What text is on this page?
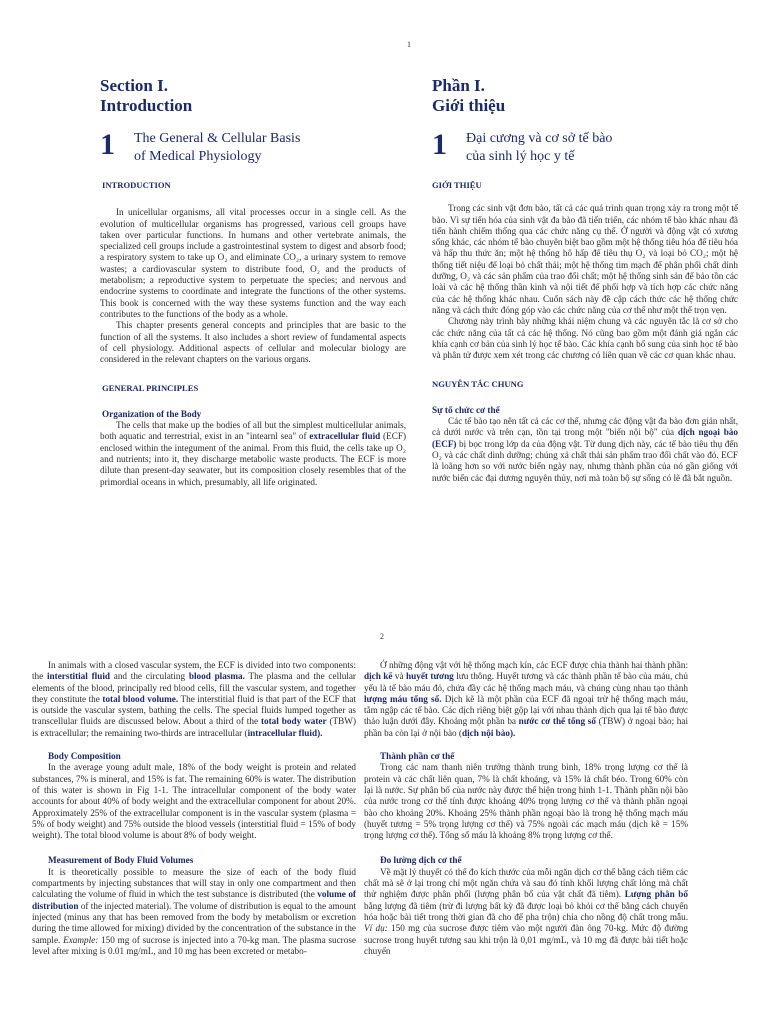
1
Section I.
Introduction
1	The General & Cellular Basis
of Medical Physiology
INTRODUCTION

In unicellular organisms, all vital processes occur in a single cell. As the evolution of multicellular organisms has progressed, various cell groups have taken over particular functions. In humans and other vertebrate animals, the specialized cell groups include a gastrointestinal system to digest and absorb food; a respiratory system to take up O₂ and eliminate CO₂, a urinary system to remove wastes; a cardiovascular system to distribute food, O₂ and the products of metabolism; a reproductive system to perpetuate the species; and nervous and endocrine systems to coordinate and integrate the functions of the other systems. This book is concerned with the way these systems function and the way each contributes to the functions of the body as a whole.

This chapter presents general concepts and principles that are basic to the function of all the systems. It also includes a short review of fundamental aspects of cell physiology. Additional aspects of cellular and molecular biology are considered in the relevant chapters on the various organs.

GENERAL PRINCIPLES
Organization of the Body

The cells that make up the bodies of all but the simplest multicellular animals, both aquatic and terrestrial, exist in an "intearnl sea" of extracellular fluid (ECF) enclosed within the integument of the animal. From this fluid, the cells take up O₂ and nutrients; into it, they discharge metabolic waste products. The ECF is more dilute than present-day seawater, but its composition closely resembles that of the primordial oceans in which, presumably, all life originated.

Phần I.
Giới thiệu
1	Đại cương và cơ sở tế bào
của sinh lý học y tế
GIỚI THIỆU

Trong các sinh vật đơn bào, tất cả các quá trình quan trọng xảy ra trong một tế bào. Vì sự tiến hóa của sinh vật đa bào đã tiến triển, các nhóm tế bào khác nhau đã tiến hành chiếm thống qua các chức năng cụ thể. Ở người và động vật có xương sống khác, các nhóm tế bào chuyên biệt bao gồm một hệ thống tiêu hóa để tiêu hóa và hấp thu thức ăn; một hệ thống hô hấp để tiêu thụ O₂ và loại bỏ CO₂; một hệ thống tiết niệu để loại bỏ chất thải; một hệ thống tim mạch để phân phối chất dinh dưỡng, O₂ và các sản phẩm của trao đổi chất; một hệ thống sinh sản để bảo tồn các loài và các hệ thống thần kinh và nội tiết để phối hợp và tích hợp các chức năng của các hệ thống khác nhau. Cuốn sách này đề cập cách thức các hệ thống chức năng và cách thức đóng góp vào các chức năng của cơ thể như một thể trọn vẹn.

Chương này trình bày những khái niệm chung và các nguyên tắc là cơ sở cho các chức năng của tất cả các hệ thống. Nó cũng bao gồm một đánh giá ngắn các khía cạnh cơ bản của sinh lý học tế bào. Các khía cạnh bổ sung của sinh học tế bào và phân tử được xem xét trong các chương có liên quan về các cơ quan khác nhau.

NGUYÊN TẮC CHUNG
Sự tổ chức cơ thể

Các tế bào tạo nên tất cả các cơ thể, nhưng các động vật đa bào đơn giản nhất, cả dưới nước và trên cạn, tồn tại trong một "biển nội bộ" của dịch ngoại bào (ECF) bị bọc trong lớp da của động vật. Từ dung dịch này, các tế bào tiêu thụ đến O₂ và các chất dinh dưỡng; chúng xả chất thải sản phẩm trao đổi chất vào đó. ECF là loãng hơn so với nước biển ngày nay, nhưng thành phần của nó gần giống với nước biển các đại dương nguyên thủy, nơi mà toàn bộ sự sống có lẽ đã bắt nguồn.

2

In animals with a closed vascular system, the ECF is divided into two components: the interstitial fluid and the circulating blood plasma. The plasma and the cellular elements of the blood, principally red blood cells, fill the vascular system, and together they constitute the total blood volume. The interstitial fluid is that part of the ECF that is outside the vascular system, bathing the cells. The special fluids lumped together as transcellular fluids are discussed below. About a third of the total body water (TBW) is extracellular; the remaining two-thirds are intracellular (intracellular fluid).

Body Composition

In the average young adult male, 18% of the body weight is protein and related substances, 7% is mineral, and 15% is fat. The remaining 60% is water. The distribution of this water is shown in Fig 1-1. The intracellular component of the body water accounts for about 40% of body weight and the extracellular component for about 20%. Approximately 25% of the extracellular component is in the vascular system (plasma = 5% of body weight) and 75% outside the blood vessels (interstitial fluid = 15% of body weight). The total blood volume is about 8% of body weight.

Measurement of Body Fluid Volumes

It is theoretically possible to measure the size of each of the body fluid compartments by injecting substances that will stay in only one compartment and then calculating the volume of fluid in which the test substance is distributed (the volume of distribution of the injected material). The volume of distribution is equal to the amount injected (minus any that has been removed from the body by metabolism or excretion during the time allowed for mixing) divided by the concentration of the substance in the sample. Example: 150 mg of sucrose is injected into a 70-kg man. The plasma sucrose level after mixing is 0.01 mg/mL, and 10 mg has been excreted or metabo-

Ở những động vật với hệ thống mạch kín, các ECF được chia thành hai thành phần: dịch kẽ và huyết tương lưu thông. Huyết tương và các thành phần tế bào của máu, chủ yếu là tế bào máu đỏ, chứa đầy các hệ thống mạch máu, và chúng cùng nhau tạo thành lượng máu tổng số. Dịch kẽ là một phần của ECF đã ngoại trừ hệ thống mạch máu, tắm ngập các tế bào. Các dịch riêng biệt gộp lại với nhau thành dịch qua lại tế bào được thảo luận dưới đây. Khoảng một phần ba nước cơ thể tổng số (TBW) ở ngoại bào; hai phần ba còn lại ở nội bào (dịch nội bào).

Thành phần cơ thể

Trong các nam thanh niên trưởng thành trung bình, 18% trọng lượng cơ thể là protein và các chất liên quan, 7% là chất khoáng, và 15% là chất béo. Trong 60% còn lại là nước. Sự phân bổ của nước này được thể hiện trong hình 1-1. Thành phần nội bào của nước trong cơ thể tính được khoảng 40% trọng lượng cơ thể và thành phần ngoại bào cho khoảng 20%. Khoảng 25% thành phần ngoại bào là trong hệ thống mạch máu (huyết tương = 5% trọng lượng cơ thể) và 75% ngoài các mạch máu (dịch kẽ = 15% trọng lượng cơ thể). Tổng số máu là khoảng 8% trọng lượng cơ thể.

Đo lường dịch cơ thể

Về mặt lý thuyết có thể đo kích thước của mỗi ngăn dịch cơ thể bằng cách tiêm các chất mà sẽ ở lại trong chỉ một ngăn chứa và sau đó tính khối lượng chất lỏng mà chất thử nghiệm được phân phối (lượng phân bố của vật chất đã tiêm). Lượng phân bố bằng lượng đã tiêm (trừ đi lượng bất kỳ đã được loại bỏ khỏi cơ thể bằng cách chuyển hóa hoặc bài tiết trong thời gian đã cho để pha trộn) chia cho nồng độ chất trong mẫu. Ví dụ: 150 mg của sucrose được tiêm vào một người đàn ông 70-kg. Mức độ đường sucrose trong huyết tương sau khi trộn là 0,01 mg/mL, và 10 mg đã được bài tiết hoặc chuyển
